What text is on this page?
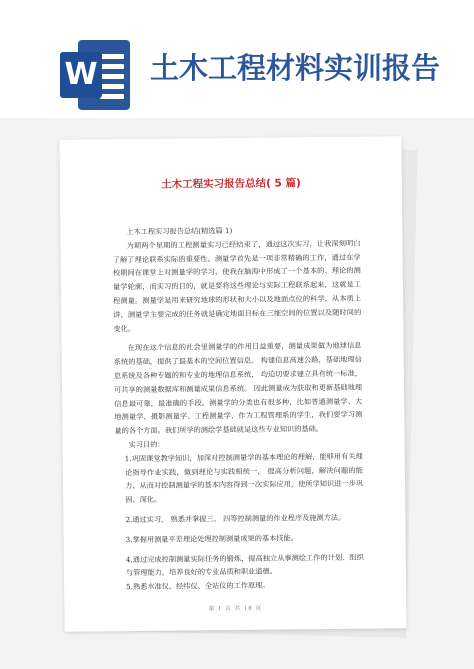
W 土木工程材料实训报告
土木工程实习报告总结( 5 篇)

土木工程实习报告总结(精选篇 1)

为期两个星期的工程测量实习已经结束了，通过这次实习，让我深刻明白了解了理论联系实际的重要性。测量学首先是一项非常精确的工作，通过在学校期间在课堂上对测量学的学习，使我在脑海中形成了一个基本的、理论的测量学轮廓，而实习的目的，就是要将这些理论与实际工程联系起来，这就是工程测量。测量学是用来研究地球的形状和大小以及地面点位的科学，从本质上讲，测量学主要完成的任务就是确定地面目标在三维空间的位置以及随时间的变化。

在现在这个信息的社会里测量学的作用日益重要，测量成果做为地球信息系统的基础，提供了最基本的空间位置信息。 构建信息高速公路，基础地理信息系统及各种专题的和专业的地理信息系统， 均迫切要求建立具有统一标准，可共享的测量数据库和测量成果信息系统。 因此测量成为获取和更新基础地理信息最可靠，最准确的手段。测量学的分类也有很多种，比如普通测量学、大地测量学、摄影测量学、工程测量学，作为工程管理系的学生，我们要学习测量的各个方面。我们所学的测绘学基础就是这些专业知识的基础。

实习目的：

1.巩固课堂教学知识，加深对控制测量学的基本理论的理解，能够用有关理论指导作业实践，做到理论与实践相统一， 提高分析问题，解决问题的能力，从而对控制测量学的基本内容得到一次实际应用，使所学知识进一步巩固、深化。

2.通过实习， 熟悉并掌握三、 四等控制测量的作业程序及施测方法。

3.掌握用测量平差理论处理控制测量成果的基本技能。

4.通过完成控制测量实际任务的锻炼，提高独立从事测绘工作的计划、组织与管理能力，培养良好的专业品质和职业道德。

5.熟悉水准仪、经纬仪、全站仪的工作原理。

第 1 页 共 18 页
